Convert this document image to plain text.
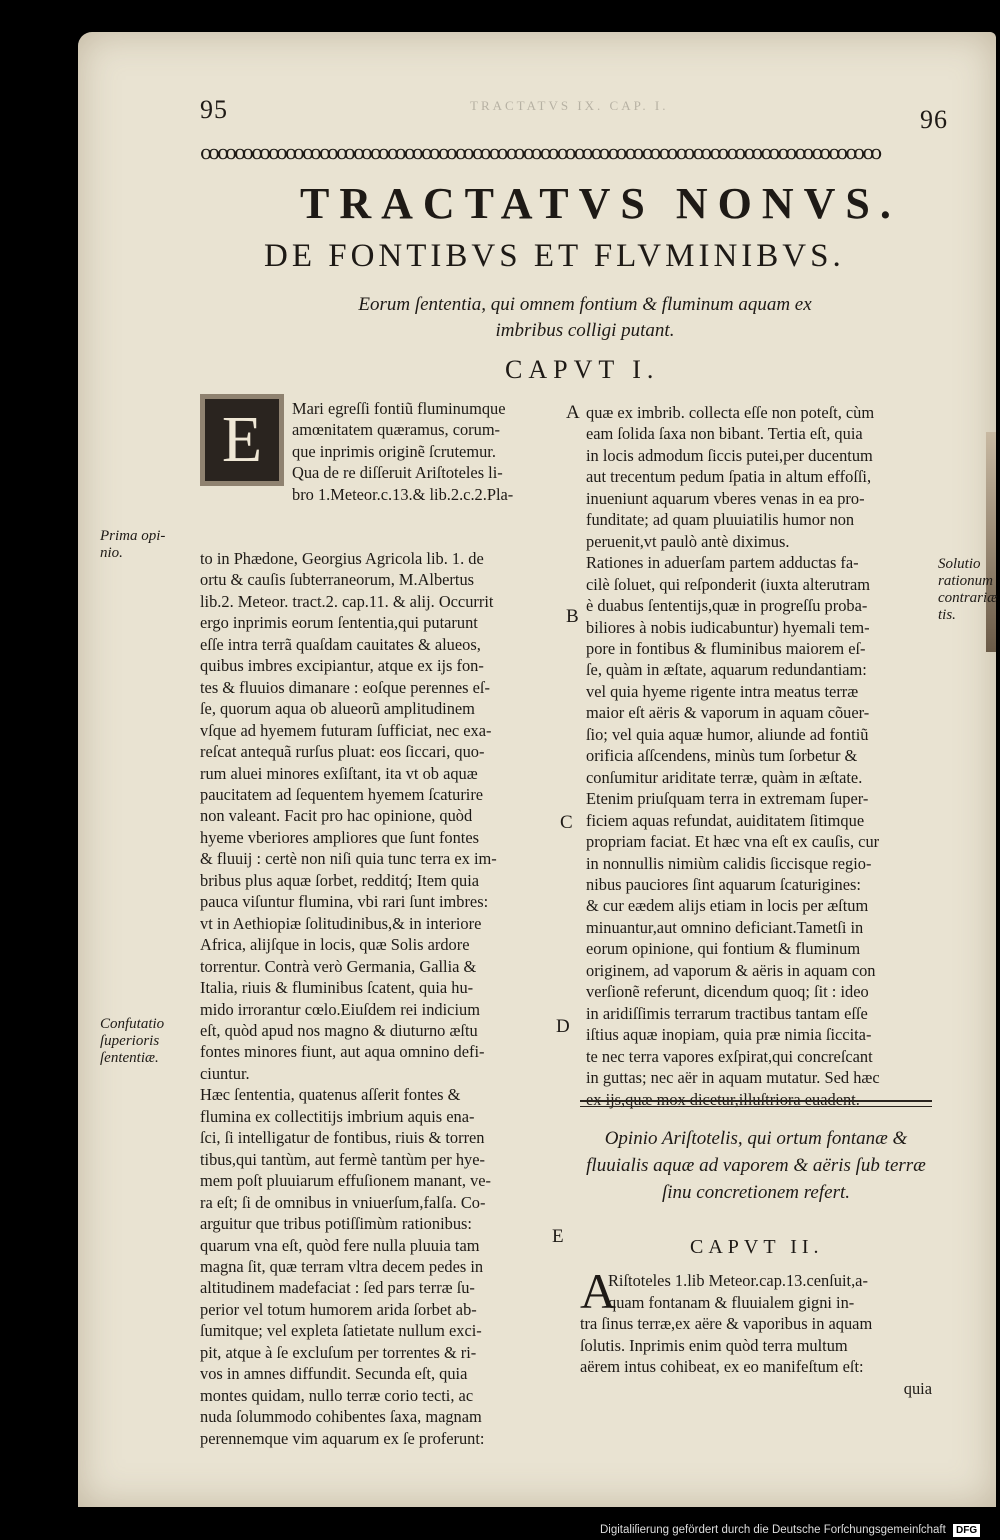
95	96
TRACTATVS IX. CAP. I.
ꝏꝏꝏꝏꝏꝏꝏꝏꝏꝏꝏꝏꝏꝏꝏꝏꝏꝏꝏꝏꝏꝏꝏꝏꝏꝏꝏꝏꝏꝏꝏꝏꝏꝏꝏꝏꝏꝏꝏꝏ
TRACTATVS NONVS.
DE FONTIBVS ET FLVMINIBVS.
Eorum ſententia, qui omnem fontium & fluminum aquam ex imbribus colligi putant.
CAPVT I.
E	Mari egreſſi fontiũ fluminumque
amœnitatem quæramus, corum-
que inprimis originẽ ſcrutemur.
Qua de re diſſeruit Ariſtoteles li-
bro 1.Meteor.c.13.& lib.2.c.2.Pla-
to in Phædone, Georgius Agricola lib. 1. de
ortu & cauſis ſubterraneorum, M.Albertus
lib.2. Meteor. tract.2. cap.11. & alij. Occurrit
ergo inprimis eorum ſententia,qui putarunt
eſſe intra terrã quaſdam cauitates & alueos,
quibus imbres excipiantur, atque ex ijs fon-
tes & fluuios dimanare : eoſque perennes eſ-
ſe, quorum aqua ob alueorũ amplitudinem
vſque ad hyemem futuram ſufficiat, nec exa-
reſcat antequã rurſus pluat: eos ſiccari, quo-
rum aluei minores exſiſtant, ita vt ob aquæ
paucitatem ad ſequentem hyemem ſcaturire
non valeant. Facit pro hac opinione, quòd
hyeme vberiores ampliores que ſunt fontes
& fluuij : certè non niſi quia tunc terra ex im-
bribus plus aquæ ſorbet, redditq́; Item quia
pauca viſuntur flumina, vbi rari ſunt imbres:
vt in Aethiopiæ ſolitudinibus,& in interiore
Africa, alijſque in locis, quæ Solis ardore
torrentur. Contrà verò Germania, Gallia &
Italia, riuis & fluminibus ſcatent, quia hu-
mido irrorantur cœlo.Eiuſdem rei indicium
eſt, quòd apud nos magno & diuturno æſtu
fontes minores fiunt, aut aqua omnino defi-
ciuntur.
Hæc ſententia, quatenus aſſerit fontes &
flumina ex collectitijs imbrium aquis ena-
ſci, ſi intelligatur de fontibus, riuis & torren
tibus,qui tantùm, aut fermè tantùm per hye-
mem poſt pluuiarum effuſionem manant, ve-
ra eſt; ſi de omnibus in vniuerſum,falſa. Co-
arguitur que tribus potiſſimùm rationibus:
quarum vna eſt, quòd fere nulla pluuia tam
magna ſit, quæ terram vltra decem pedes in
altitudinem madefaciat : ſed pars terræ ſu-
perior vel totum humorem arida ſorbet ab-
ſumitque; vel expleta ſatietate nullum exci-
pit, atque à ſe excluſum per torrentes & ri-
vos in amnes diffundit. Secunda eſt, quia
montes quidam, nullo terræ corio tecti, ac
nuda ſolummodo cohibentes ſaxa, magnam
perennemque vim aquarum ex ſe proferunt:
quæ ex imbrib. collecta eſſe non poteſt, cùm
eam ſolida ſaxa non bibant. Tertia eſt, quia
in locis admodum ſiccis putei,per ducentum
aut trecentum pedum ſpatia in altum effoſſi,
inueniunt aquarum vberes venas in ea pro-
funditate; ad quam pluuiatilis humor non
peruenit,vt paulò antè diximus.
Rationes in aduerſam partem adductas fa-
cilè ſoluet, qui reſponderit (iuxta alterutram
è duabus ſententijs,quæ in progreſſu proba-
biliores à nobis iudicabuntur) hyemali tem-
pore in fontibus & fluminibus maiorem eſ-
ſe, quàm in æſtate, aquarum redundantiam:
vel quia hyeme rigente intra meatus terræ
maior eſt aëris & vaporum in aquam cõuer-
ſio; vel quia aquæ humor, aliunde ad fontiũ
orificia aſſcendens, minùs tum ſorbetur &
conſumitur ariditate terræ, quàm in æſtate.
Etenim priuſquam terra in extremam ſuper-
ficiem aquas refundat, auiditatem ſitimque
propriam faciat. Et hæc vna eſt ex cauſis, cur
in nonnullis nimiùm calidis ſiccisque regio-
nibus pauciores ſint aquarum ſcaturigines:
& cur eædem alijs etiam in locis per æſtum
minuantur,aut omnino deficiant.Tametſi in
eorum opinione, qui fontium & fluminum
originem, ad vaporum & aëris in aquam con
verſionẽ referunt, dicendum quoq; ſit : ideo
in aridiſſimis terrarum tractibus tantam eſſe
iſtius aquæ inopiam, quia præ nimia ſiccita-
te nec terra vapores exſpirat,qui concreſcant
in guttas; nec aër in aquam mutatur. Sed hæc
ex ijs,quæ mox dicetur,illuſtriora euadent.
Opinio Ariſtotelis, qui ortum fontanæ & fluuialis aquæ ad vaporem & aëris ſub terræ ſinu concretionem refert.
CAPVT II.
A
Riſtoteles 1.lib Meteor.cap.13.cenſuit,a-
quam fontanam & fluuialem gigni in-
tra ſinus terræ,ex aëre & vaporibus in aquam
ſolutis. Inprimis enim quòd terra multum
aërem intus cohibeat, ex eo manifeſtum eſt:
quia
Prima opi- nio.
Confutatio ſuperioris ſententiæ.
Solutio rationum contrariæ tis.
A
B
C
D
E
Digitaliſierung gefördert durch die Deutsche Forſchungsgemeinſchaft DFG
